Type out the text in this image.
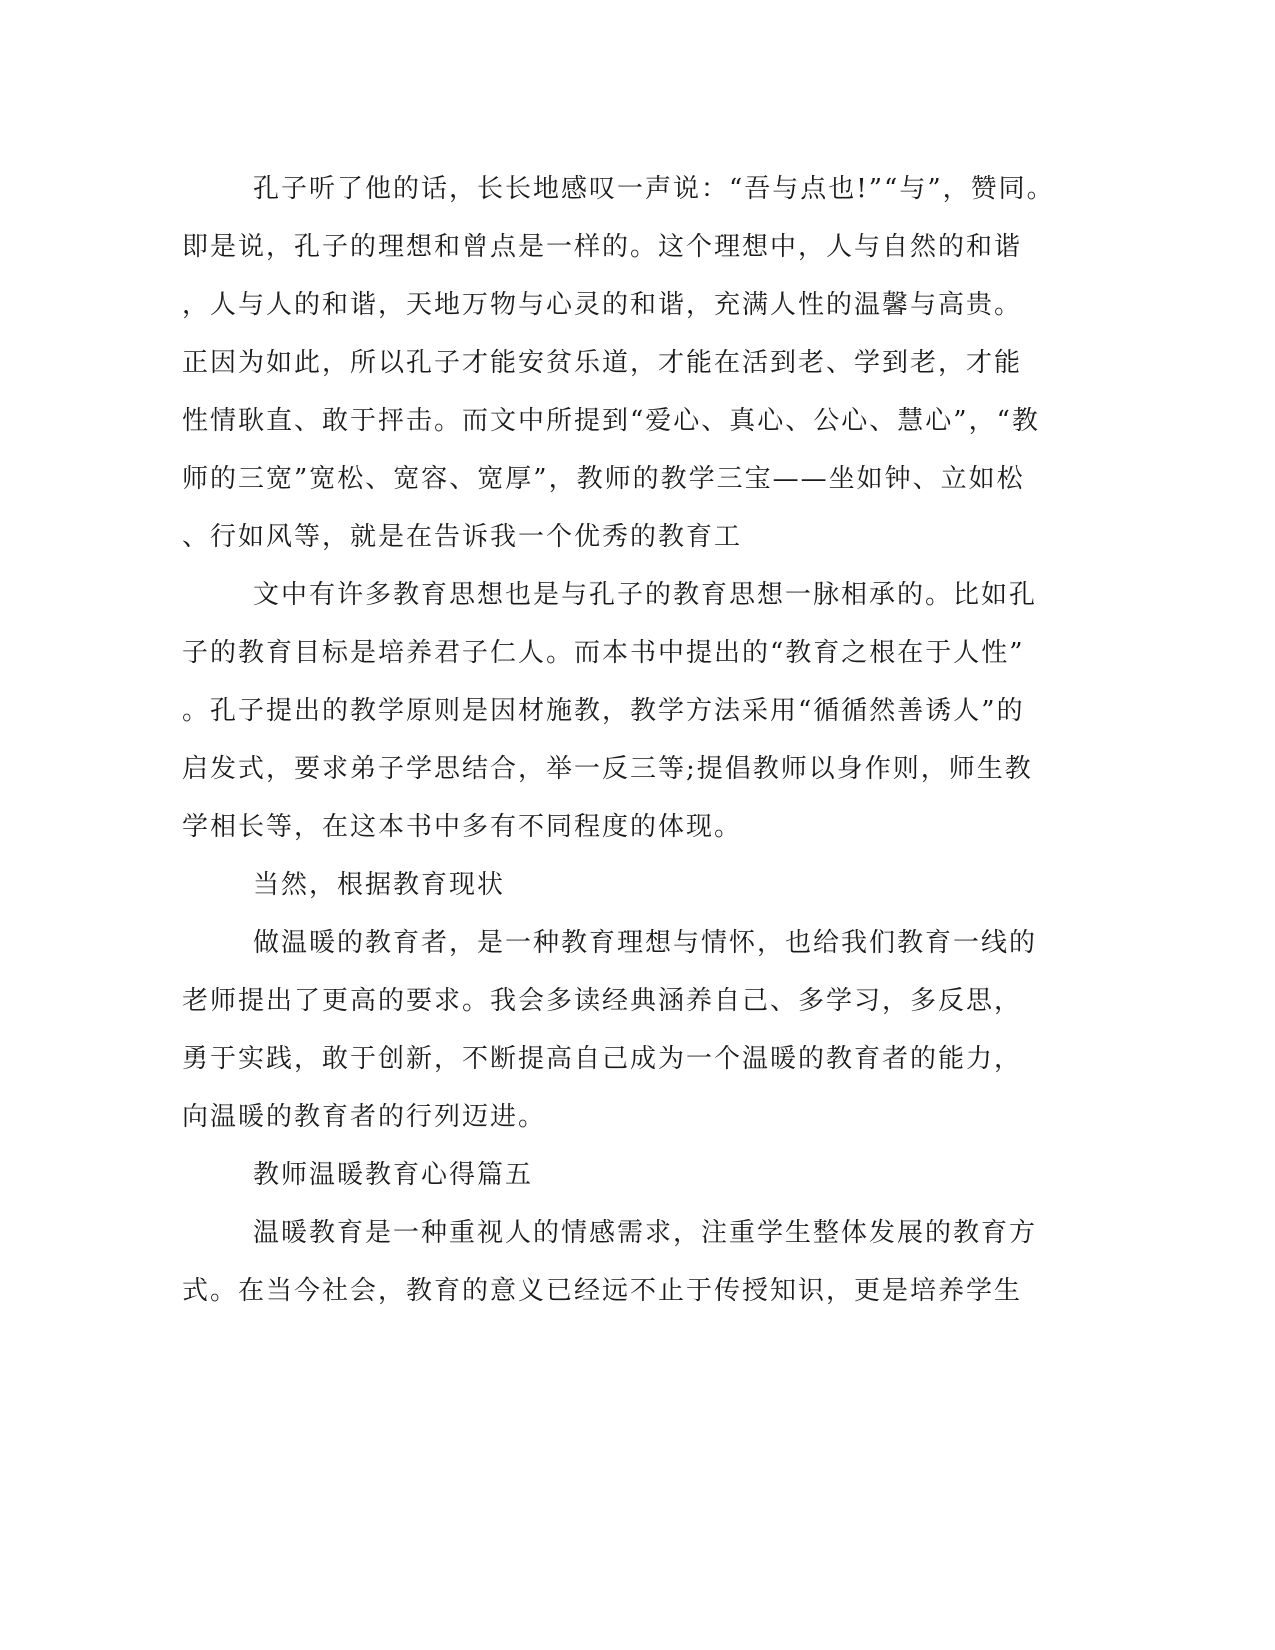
孔子听了他的话，长长地感叹一声说：“吾与点也!”“与”，赞同。
即是说，孔子的理想和曾点是一样的。这个理想中，人与自然的和谐
，人与人的和谐，天地万物与心灵的和谐，充满人性的温馨与高贵。
正因为如此，所以孔子才能安贫乐道，才能在活到老、学到老，才能
性情耿直、敢于抨击。而文中所提到“爱心、真心、公心、慧心”，“教
师的三宽”宽松、宽容、宽厚”，教师的教学三宝——坐如钟、立如松
、行如风等，就是在告诉我一个优秀的教育工
文中有许多教育思想也是与孔子的教育思想一脉相承的。比如孔
子的教育目标是培养君子仁人。而本书中提出的“教育之根在于人性”
。孔子提出的教学原则是因材施教，教学方法采用“循循然善诱人”的
启发式，要求弟子学思结合，举一反三等;提倡教师以身作则，师生教
学相长等，在这本书中多有不同程度的体现。
当然，根据教育现状
做温暖的教育者，是一种教育理想与情怀，也给我们教育一线的
老师提出了更高的要求。我会多读经典涵养自己、多学习，多反思，
勇于实践，敢于创新，不断提高自己成为一个温暖的教育者的能力，
向温暖的教育者的行列迈进。
教师温暖教育心得篇五
温暖教育是一种重视人的情感需求，注重学生整体发展的教育方
式。在当今社会，教育的意义已经远不止于传授知识，更是培养学生
